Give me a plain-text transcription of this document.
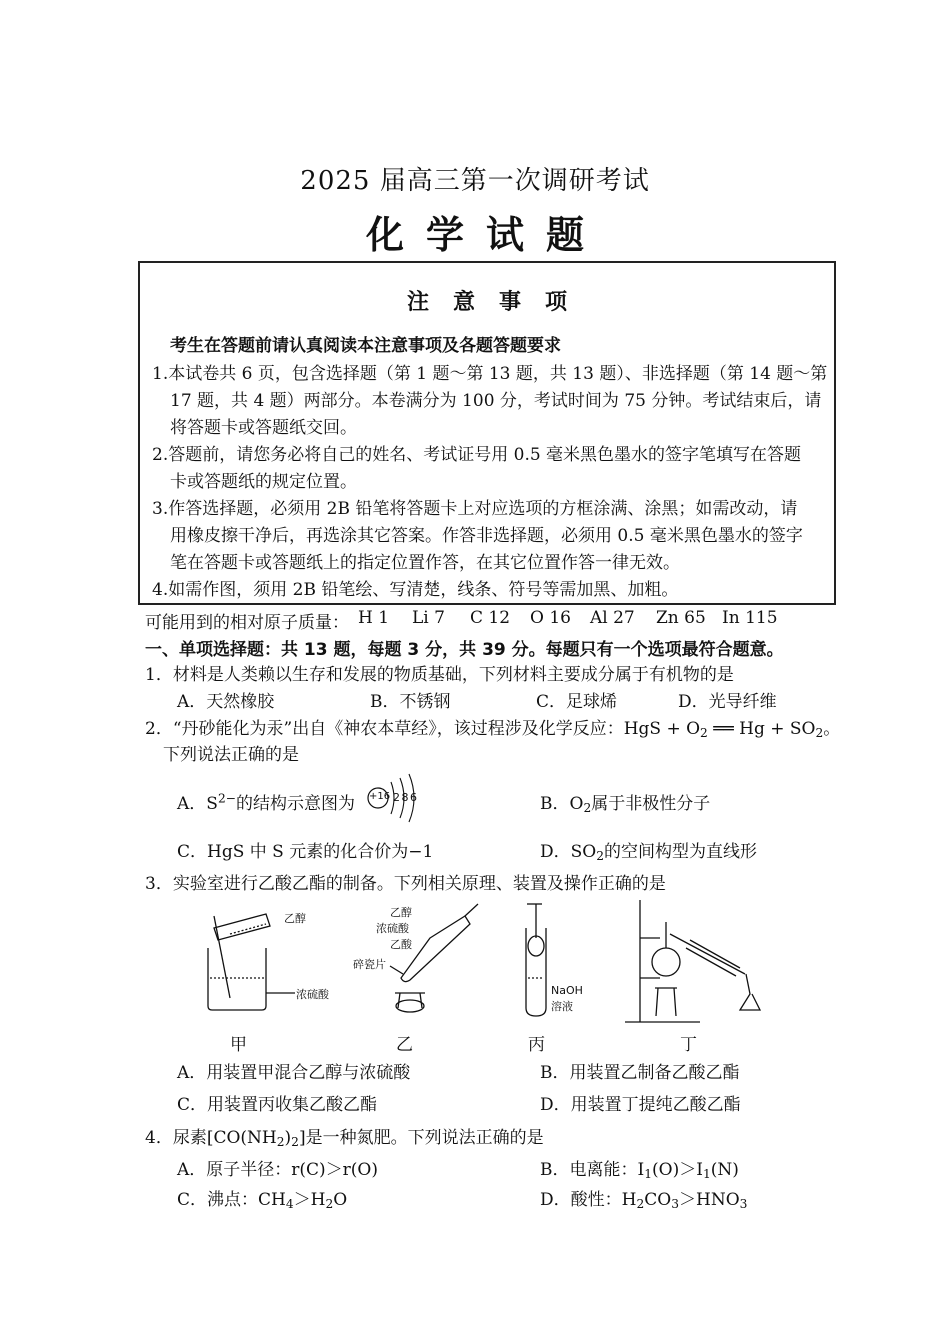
2025 届高三第一次调研考试
化学试题
注意事项
考生在答题前请认真阅读本注意事项及各题答题要求
1.本试卷共 6 页，包含选择题（第 1 题～第 13 题，共 13 题）、非选择题（第 14 题～第
17 题，共 4 题）两部分。本卷满分为 100 分，考试时间为 75 分钟。考试结束后，请
将答题卡或答题纸交回。
2.答题前，请您务必将自己的姓名、考试证号用 0.5 毫米黑色墨水的签字笔填写在答题
卡或答题纸的规定位置。
3.作答选择题，必须用 2B 铅笔将答题卡上对应选项的方框涂满、涂黑；如需改动，请
用橡皮擦干净后，再选涂其它答案。作答非选择题，必须用 0.5 毫米黑色墨水的签字
笔在答题卡或答题纸上的指定位置作答，在其它位置作答一律无效。
4.如需作图，须用 2B 铅笔绘、写清楚，线条、符号等需加黑、加粗。
可能用到的相对原子质量： H 1 Li 7 C 12 O 16 Al 27 Zn 65 In 115
一、单项选择题：共 13 题，每题 3 分，共 39 分。每题只有一个选项最符合题意。
1．材料是人类赖以生存和发展的物质基础，下列材料主要成分属于有机物的是
A．天然橡胶	B．不锈钢	C．足球烯	D．光导纤维
2．“丹砂能化为汞”出自《神农本草经》，该过程涉及化学反应：HgS + $O_2$ ══ $Hg + SO_2$。
下列说法正确的是
A．$S^{2-}$的结构示意图为 +16 2 8 6	B．$O_2$属于非极性分子
C．HgS 中 S 元素的化合价为−1	D．$SO_2$的空间构型为直线形
3．实验室进行乙酸乙酯的制备。下列相关原理、装置及操作正确的是
乙醇
浓硫酸
乙醇
浓硫酸
乙酸
碎瓷片
NaOH
溶液
甲	乙	丙	丁
A．用装置甲混合乙醇与浓硫酸	B．用装置乙制备乙酸乙酯
C．用装置丙收集乙酸乙酯	D．用装置丁提纯乙酸乙酯
4．尿素$[CO(NH_2)_2]$是一种氮肥。下列说法正确的是
A．原子半径：r(C)＞r(O)	B．电离能：$I_1(O)>I_1(N)$
C．沸点：$CH_4>H_2O$	D．酸性：$H_2CO_3>HNO_3$
